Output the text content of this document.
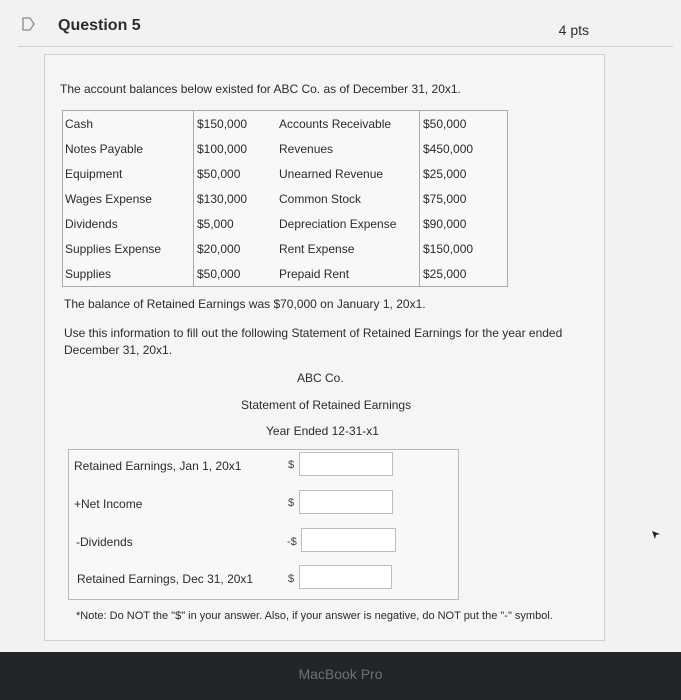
Question 5	4 pts
The account balances below existed for ABC Co. as of December 31, 20x1.
Cash	$150,000	Accounts Receivable	$50,000
Notes Payable	$100,000	Revenues	$450,000
Equipment	$50,000	Unearned Revenue	$25,000
Wages Expense	$130,000	Common Stock	$75,000
Dividends	$5,000	Depreciation Expense	$90,000
Supplies Expense	$20,000	Rent Expense	$150,000
Supplies	$50,000	Prepaid Rent	$25,000
The balance of Retained Earnings was $70,000 on January 1, 20x1.
Use this information to fill out the following Statement of Retained Earnings for the year ended December 31, 20x1.
ABC Co.
Statement of Retained Earnings
Year Ended 12-31-x1
Retained Earnings, Jan 1, 20x1	$
+Net Income	$
-Dividends	-$
Retained Earnings, Dec 31, 20x1	$
*Note: Do NOT the "$" in your answer. Also, if your answer is negative, do NOT put the "-" symbol.
MacBook Pro
